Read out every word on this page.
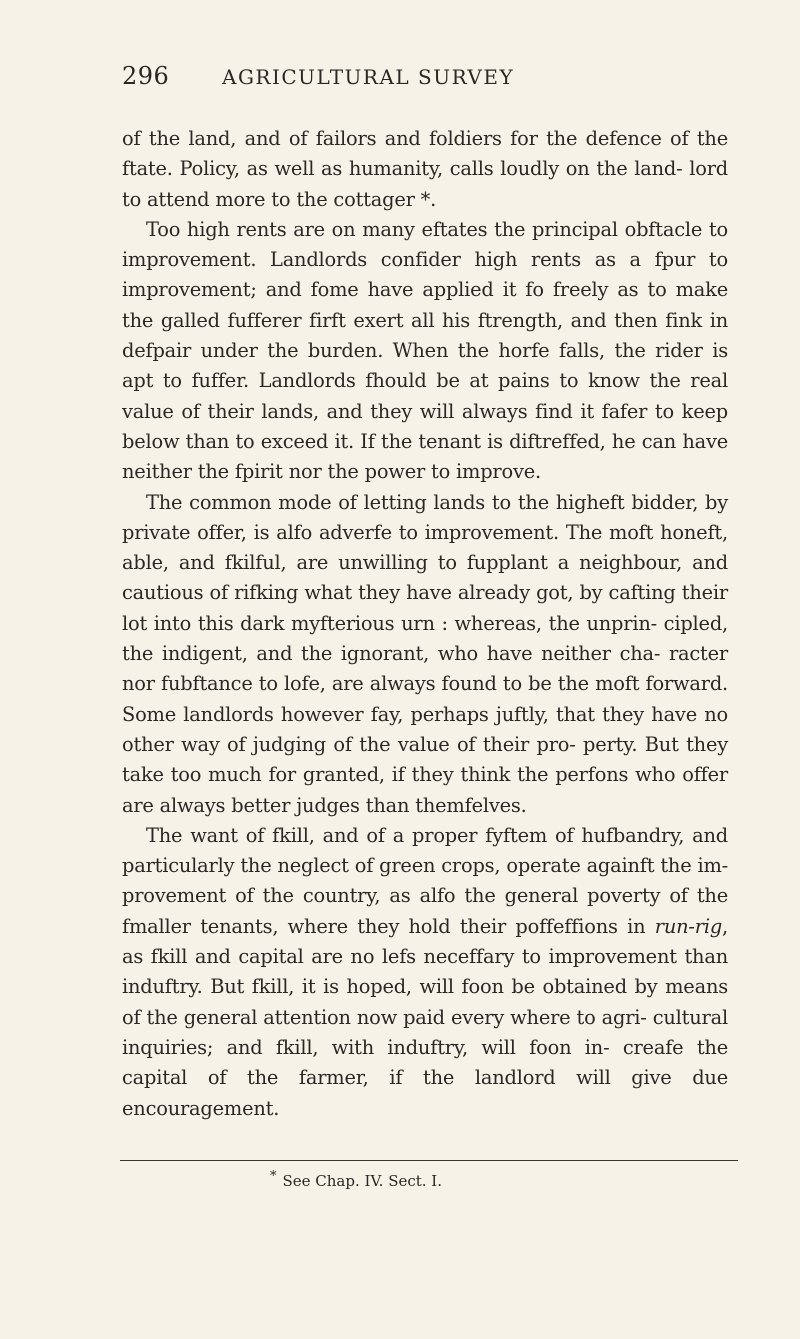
296	AGRICULTURAL SURVEY

of the land, and of failors and foldiers for the defence of the ftate. Policy, as well as humanity, calls loudly on the land- lord to attend more to the cottager *.

Too high rents are on many eftates the principal obftacle to improvement. Landlords confider high rents as a fpur to improvement; and fome have applied it fo freely as to make the galled fufferer firft exert all his ftrength, and then fink in defpair under the burden. When the horfe falls, the rider is apt to fuffer. Landlords fhould be at pains to know the real value of their lands, and they will always find it fafer to keep below than to exceed it. If the tenant is diftreffed, he can have neither the fpirit nor the power to improve.

The common mode of letting lands to the higheft bidder, by private offer, is alfo adverfe to improvement. The moft honeft, able, and fkilful, are unwilling to fupplant a neighbour, and cautious of rifking what they have already got, by cafting their lot into this dark myfterious urn : whereas, the unprin- cipled, the indigent, and the ignorant, who have neither cha- racter nor fubftance to lofe, are always found to be the moft forward. Some landlords however fay, perhaps juftly, that they have no other way of judging of the value of their pro- perty. But they take too much for granted, if they think the perfons who offer are always better judges than themfelves.

The want of fkill, and of a proper fyftem of hufbandry, and particularly the neglect of green crops, operate againft the im- provement of the country, as alfo the general poverty of the fmaller tenants, where they hold their poffeffions in run-rig, as fkill and capital are no lefs neceffary to improvement than induftry. But fkill, it is hoped, will foon be obtained by means of the general attention now paid every where to agri- cultural inquiries; and fkill, with induftry, will foon in- creafe the capital of the farmer, if the landlord will give due encouragement.

* See Chap. IV. Sect. I.
